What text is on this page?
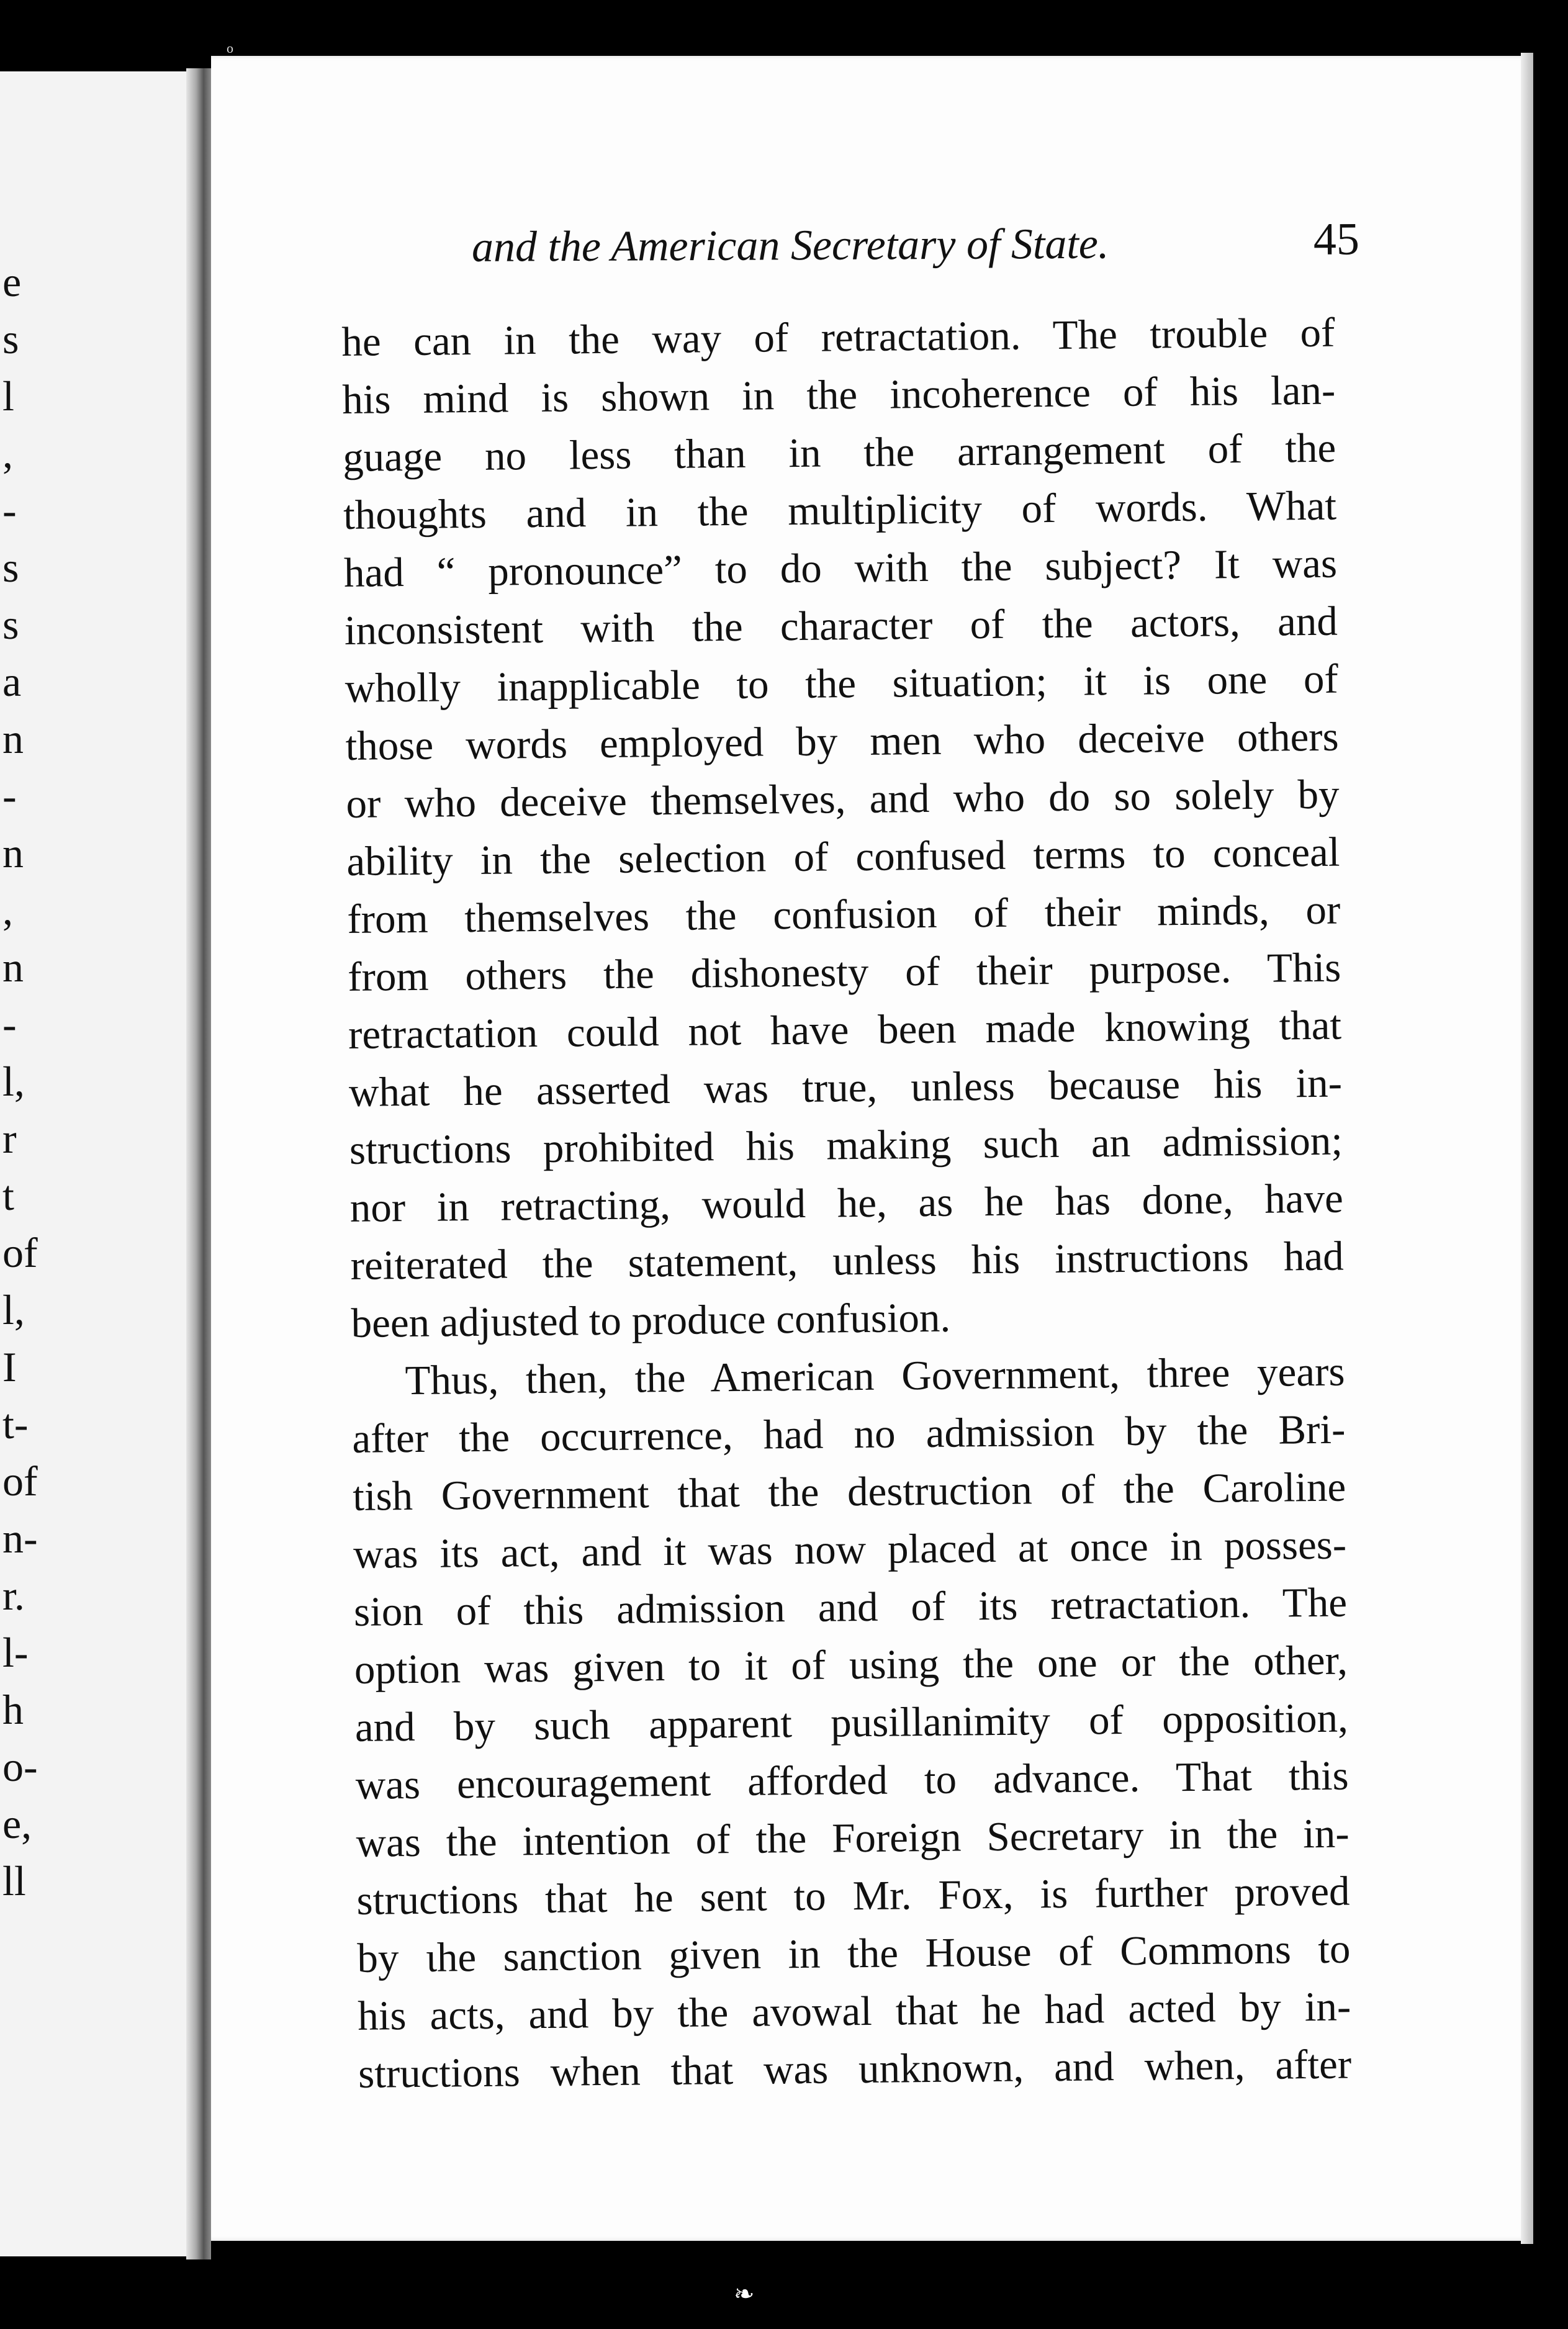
e
s
l
,
-
s
s
a
n
-
n
,
n
-
l,
r
t
of
l,
I
t-
of
n-
r.
l-
h
o-
e,
ll
o
and the American Secretary of State.	45

he can in the way of retractation. The trouble of

his mind is shown in the incoherence of his lan-

guage no less than in the arrangement of the

thoughts and in the multiplicity of words. What

had “ pronounce” to do with the subject? It was

inconsistent with the character of the actors, and

wholly inapplicable to the situation; it is one of

those words employed by men who deceive others

or who deceive themselves, and who do so solely by

ability in the selection of confused terms to conceal

from themselves the confusion of their minds, or

from others the dishonesty of their purpose. This

retractation could not have been made knowing that

what he asserted was true, unless because his in-

structions prohibited his making such an admission;

nor in retracting, would he, as he has done, have

reiterated the statement, unless his instructions had

been adjusted to produce confusion.

Thus, then, the American Government, three years

after the occurrence, had no admission by the Bri-

tish Government that the destruction of the Caroline

was its act, and it was now placed at once in posses-

sion of this admission and of its retractation. The

option was given to it of using the one or the other,

and by such apparent pusillanimity of opposition,

was encouragement afforded to advance. That this

was the intention of the Foreign Secretary in the in-

structions that he sent to Mr. Fox, is further proved

by ιhe sanction given in the House of Commons to

his acts, and by the avowal that he had acted by in-

structions when that was unknown, and when, after

❧
